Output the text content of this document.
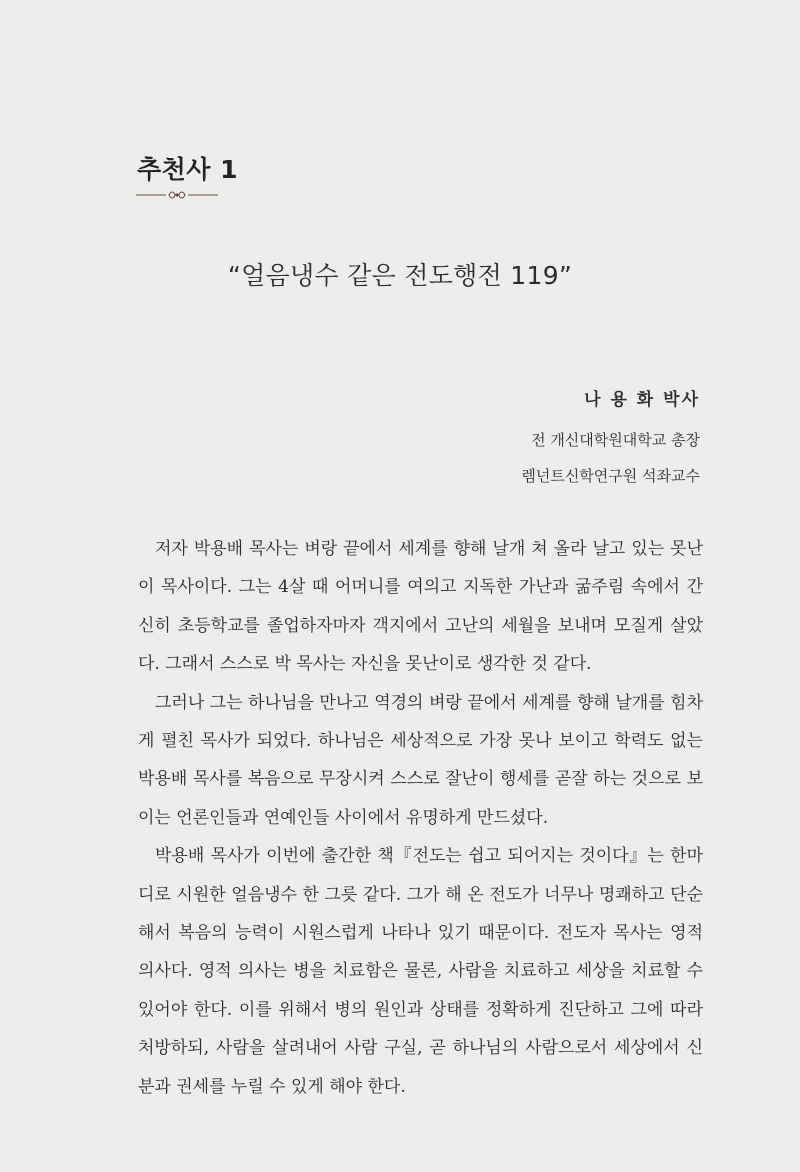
추천사 1
“얼음냉수 같은 전도행전 119”
나 용 화 박사
전 개신대학원대학교 총장
렘넌트신학연구원 석좌교수

저자 박용배 목사는 벼랑 끝에서 세계를 향해 날개 쳐 올라 날고 있는 못난이 목사이다. 그는 4살 때 어머니를 여의고 지독한 가난과 굶주림 속에서 간신히 초등학교를 졸업하자마자 객지에서 고난의 세월을 보내며 모질게 살았다. 그래서 스스로 박 목사는 자신을 못난이로 생각한 것 같다.

그러나 그는 하나님을 만나고 역경의 벼랑 끝에서 세계를 향해 날개를 힘차게 펼친 목사가 되었다. 하나님은 세상적으로 가장 못나 보이고 학력도 없는 박용배 목사를 복음으로 무장시켜 스스로 잘난이 행세를 곧잘 하는 것으로 보이는 언론인들과 연예인들 사이에서 유명하게 만드셨다.

박용배 목사가 이번에 출간한 책『전도는 쉽고 되어지는 것이다』는 한마디로 시원한 얼음냉수 한 그릇 같다. 그가 해 온 전도가 너무나 명쾌하고 단순해서 복음의 능력이 시원스럽게 나타나 있기 때문이다. 전도자 목사는 영적 의사다. 영적 의사는 병을 치료함은 물론, 사람을 치료하고 세상을 치료할 수 있어야 한다. 이를 위해서 병의 원인과 상태를 정확하게 진단하고 그에 따라 처방하되, 사람을 살려내어 사람 구실, 곧 하나님의 사람으로서 세상에서 신분과 권세를 누릴 수 있게 해야 한다.
